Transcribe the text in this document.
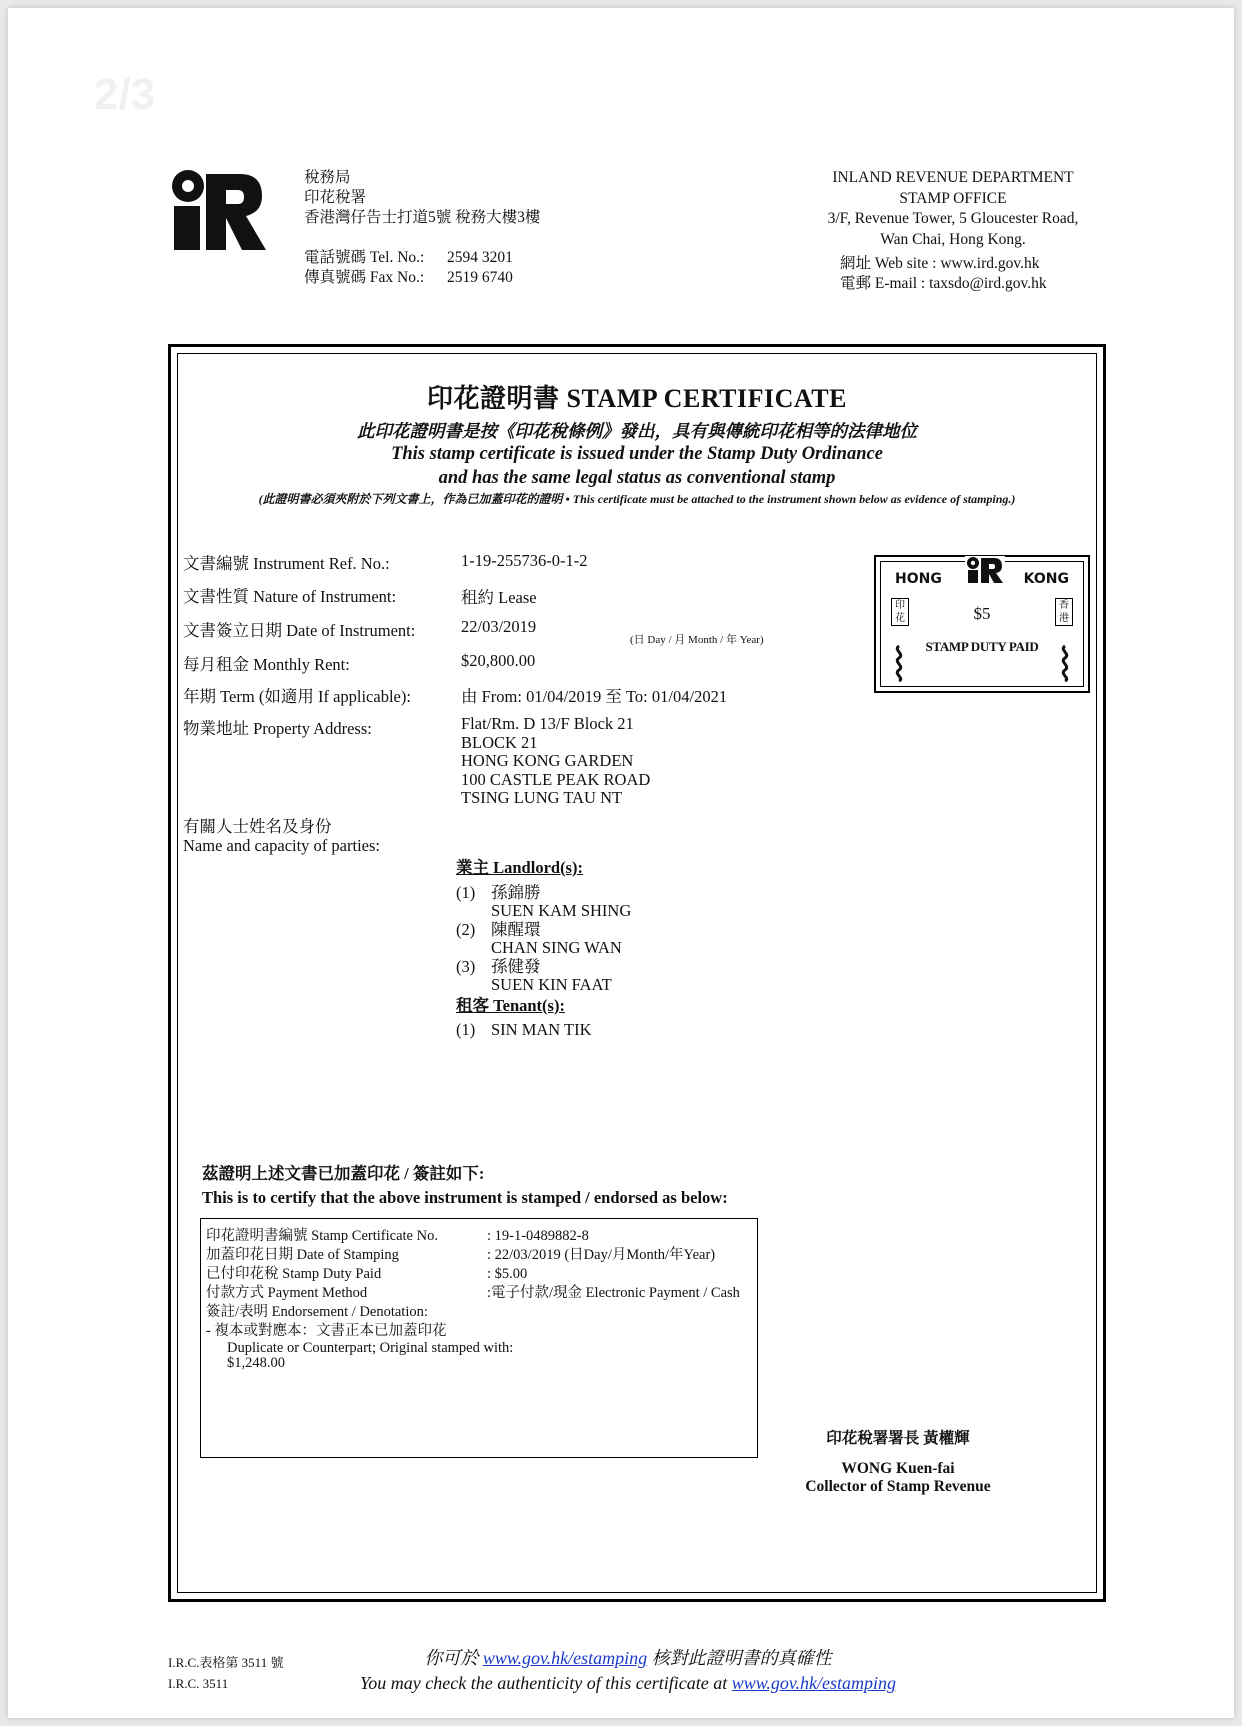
2/3
稅務局
印花稅署
香港灣仔告士打道5號 稅務大樓3樓
電話號碼 Tel. No.:	2594 3201
傳真號碼 Fax No.:	2519 6740
INLAND REVENUE DEPARTMENT
STAMP OFFICE
3/F, Revenue Tower, 5 Gloucester Road,
Wan Chai, Hong Kong.
網址 Web site : www.ird.gov.hk
電郵 E-mail : taxsdo@ird.gov.hk
印花證明書 STAMP CERTIFICATE
此印花證明書是按《印花稅條例》發出，具有與傳統印花相等的法律地位
This stamp certificate is issued under the Stamp Duty Ordinance
and has the same legal status as conventional stamp
(此證明書必須夾附於下列文書上，作為已加蓋印花的證明 • This certificate must be attached to the instrument shown below as evidence of stamping.)
文書編號 Instrument Ref. No.:	1-19-255736-0-1-2
文書性質 Nature of Instrument:	租約 Lease
文書簽立日期 Date of Instrument:	22/03/2019
每月租金 Monthly Rent:	$20,800.00
年期 Term (如適用 If applicable):	由 From: 01/04/2019 至 To: 01/04/2021
物業地址 Property Address:	Flat/Rm. D 13/F Block 21
BLOCK 21
HONG KONG GARDEN
100 CASTLE PEAK ROAD
TSING LUNG TAU NT
有關人士姓名及身份
Name and capacity of parties:
(日 Day / 月 Month / 年 Year)
業主 Landlord(s):
(1) 孫錦勝
SUEN KAM SHING
(2) 陳醒環
CHAN SING WAN
(3) 孫健發
SUEN KIN FAAT
租客 Tenant(s):
(1) SIN MAN TIK
HONG	KONG
印花
香港
$5
STAMP DUTY PAID
茲證明上述文書已加蓋印花 / 簽註如下:
This is to certify that the above instrument is stamped / endorsed as below:
印花證明書編號 Stamp Certificate No.	: 19-1-0489882-8
加蓋印花日期 Date of Stamping	: 22/03/2019 (日Day/月Month/年Year)
已付印花稅 Stamp Duty Paid	: $5.00
付款方式 Payment Method	:電子付款/現金 Electronic Payment / Cash
簽註/表明 Endorsement / Denotation:
- 複本或對應本：文書正本已加蓋印花
Duplicate or Counterpart; Original stamped with:
$1,248.00
印花稅署署長 黃權輝
WONG Kuen-fai
Collector of Stamp Revenue
I.R.C.表格第 3511 號
I.R.C. 3511
你可於 www.gov.hk/estamping 核對此證明書的真確性
You may check the authenticity of this certificate at www.gov.hk/estamping
